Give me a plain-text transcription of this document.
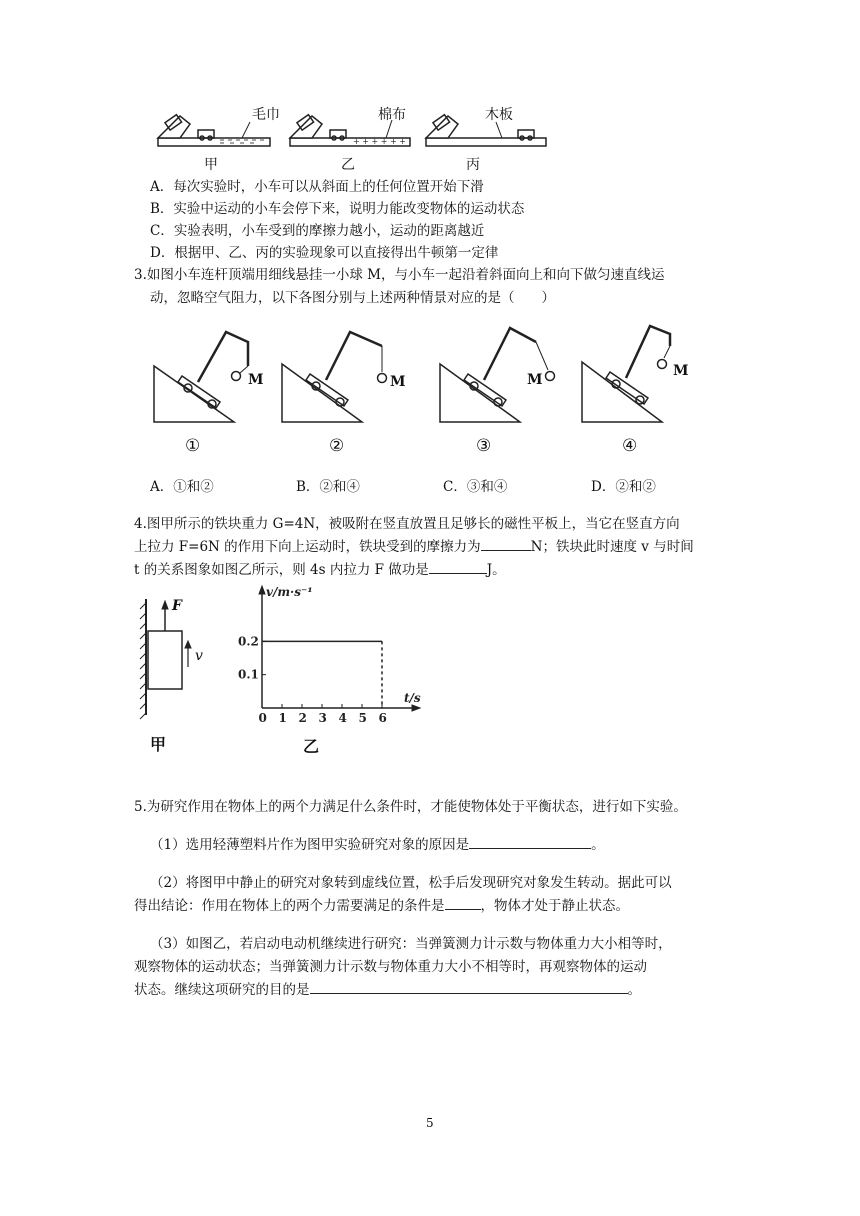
+ + + + + +
毛巾	棉布	木板
甲	乙	丙
A．每次实验时，小车可以从斜面上的任何位置开始下滑
B．实验中运动的小车会停下来，说明力能改变物体的运动状态
C．实验表明，小车受到的摩擦力越小，运动的距离越近
D．根据甲、乙、丙的实验现象可以直接得出牛顿第一定律
3.如图小车连杆顶端用细线悬挂一小球 M，与小车一起沿着斜面向上和向下做匀速直线运
动，忽略空气阻力，以下各图分别与上述两种情景对应的是（　　）
M	M	M
M
①	②	③	④
A．①和②	B．②和④	C．③和④	D．②和②
4.图甲所示的铁块重力 G=4N，被吸附在竖直放置且足够长的磁性平板上，当它在竖直方向
上拉力 F=6N 的作用下向上运动时，铁块受到的摩擦力为	N；铁块此时速度 v 与时间
t 的关系图象如图乙所示，则 4s 内拉力 F 做功是	J。
F
v
甲
0 1 2 3 4 5 6
0.1
0.2
v/m·s⁻¹
t/s
乙
5.为研究作用在物体上的两个力满足什么条件时，才能使物体处于平衡状态，进行如下实验。
（1）选用轻薄塑料片作为图甲实验研究对象的原因是	。
（2）将图甲中静止的研究对象转到虚线位置，松手后发现研究对象发生转动。据此可以
得出结论：作用在物体上的两个力需要满足的条件是	，物体才处于静止状态。
（3）如图乙，若启动电动机继续进行研究：当弹簧测力计示数与物体重力大小相等时，
观察物体的运动状态；当弹簧测力计示数与物体重力大小不相等时，再观察物体的运动
状态。继续这项研究的目的是	。
5
